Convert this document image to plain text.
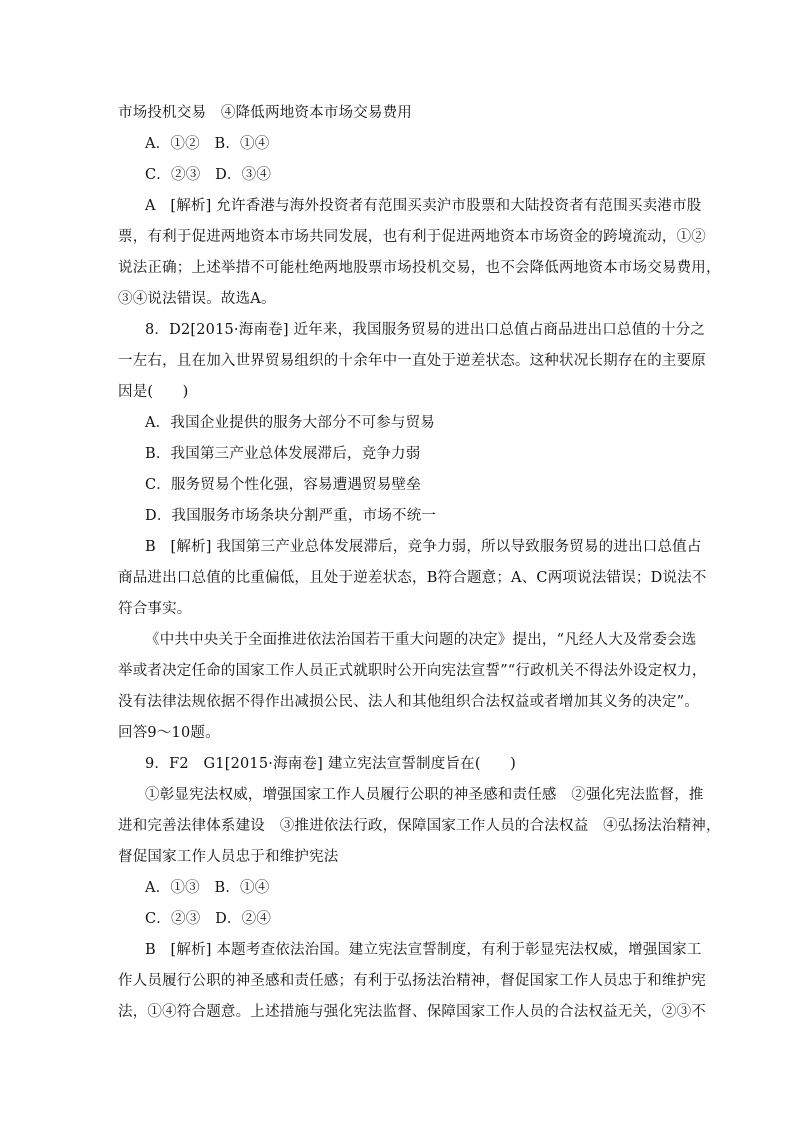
市场投机交易　④降低两地资本市场交易费用
A．①②　B．①④
C．②③　D．③④
A　[解析] 允许香港与海外投资者有范围买卖沪市股票和大陆投资者有范围买卖港市股
票，有利于促进两地资本市场共同发展，也有利于促进两地资本市场资金的跨境流动，①②
说法正确；上述举措不可能杜绝两地股票市场投机交易，也不会降低两地资本市场交易费用，
③④说法错误。故选A。
8．D2[2015·海南卷] 近年来，我国服务贸易的进出口总值占商品进出口总值的十分之
一左右，且在加入世界贸易组织的十余年中一直处于逆差状态。这种状况长期存在的主要原
因是(　　)
A．我国企业提供的服务大部分不可参与贸易
B．我国第三产业总体发展滞后，竞争力弱
C．服务贸易个性化强，容易遭遇贸易壁垒
D．我国服务市场条块分割严重，市场不统一
B　[解析] 我国第三产业总体发展滞后，竞争力弱，所以导致服务贸易的进出口总值占
商品进出口总值的比重偏低，且处于逆差状态，B符合题意；A、C两项说法错误；D说法不
符合事实。
《中共中央关于全面推进依法治国若干重大问题的决定》提出，“凡经人大及常委会选
举或者决定任命的国家工作人员正式就职时公开向宪法宣誓”“行政机关不得法外设定权力，
没有法律法规依据不得作出减损公民、法人和其他组织合法权益或者增加其义务的决定”。
回答9～10题。
9．F2　G1[2015·海南卷] 建立宪法宣誓制度旨在(　　)
①彰显宪法权威，增强国家工作人员履行公职的神圣感和责任感　②强化宪法监督，推
进和完善法律体系建设　③推进依法行政，保障国家工作人员的合法权益　④弘扬法治精神，
督促国家工作人员忠于和维护宪法
A．①③　B．①④
C．②③　D．②④
B　[解析] 本题考查依法治国。建立宪法宣誓制度，有利于彰显宪法权威，增强国家工
作人员履行公职的神圣感和责任感；有利于弘扬法治精神，督促国家工作人员忠于和维护宪
法，①④符合题意。上述措施与强化宪法监督、保障国家工作人员的合法权益无关，②③不
